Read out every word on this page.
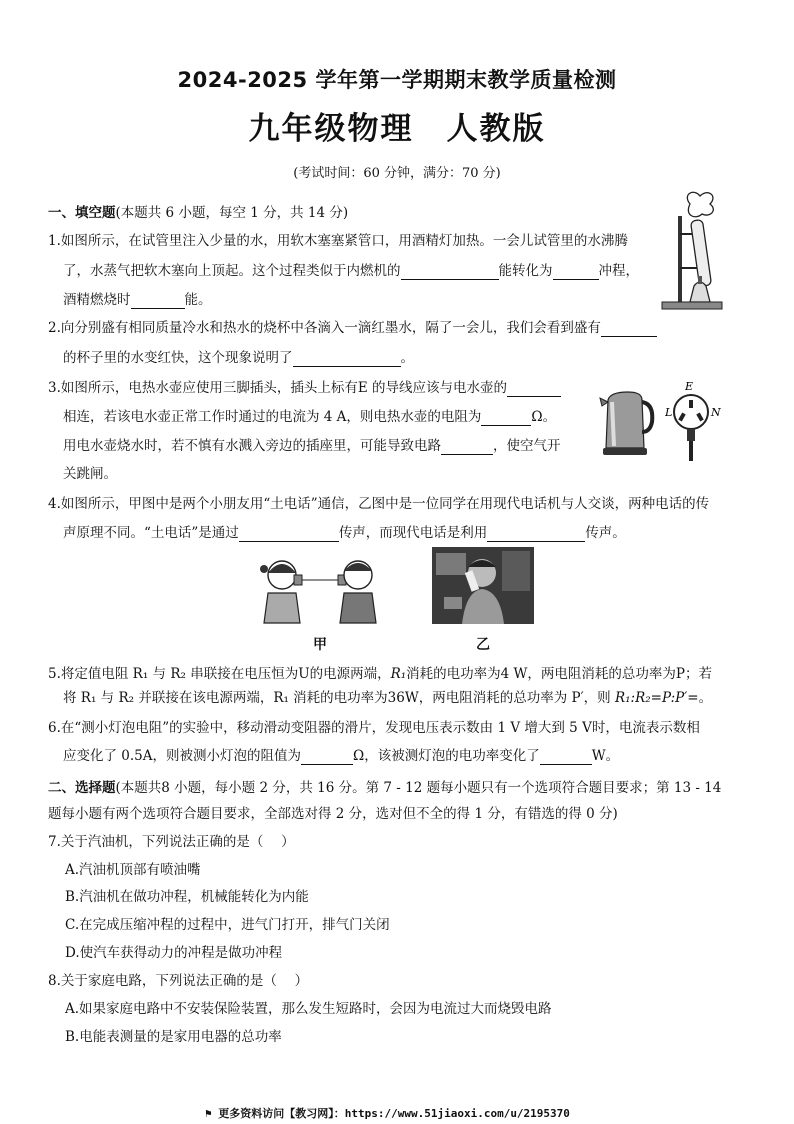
2024-2025 学年第一学期期末教学质量检测
九年级物理　人教版
(考试时间：60 分钟，满分：70 分)
一、填空题(本题共 6 小题，每空 1 分，共 14 分)
1.如图所示，在试管里注入少量的水，用软木塞塞紧管口，用酒精灯加热。一会儿试管里的水沸腾
了，水蒸气把软木塞向上顶起。这个过程类似于内燃机的	能转化为	冲程，
酒精燃烧时	能。
2.向分别盛有相同质量冷水和热水的烧杯中各滴入一滴红墨水，隔了一会儿，我们会看到盛有
的杯子里的水变红快，这个现象说明了	。
3.如图所示，电热水壶应使用三脚插头，插头上标有E 的导线应该与电水壶的
相连，若该电水壶正常工作时通过的电流为 4 A，则电热水壶的电阻为	Ω。
用电水壶烧水时，若不慎有水溅入旁边的插座里，可能导致电路	，使空气开
关跳闸。
E
L	N
4.如图所示，甲图中是两个小朋友用“土电话”通信，乙图中是一位同学在用现代电话机与人交谈，两种电话的传
声原理不同。“土电话”是通过	传声，而现代电话是利用	传声。
甲	乙
5.将定值电阻 R₁ 与 R₂ 串联接在电压恒为U的电源两端，R₁消耗的电功率为4 W，两电阻消耗的总功率为P；若
将 R₁ 与 R₂ 并联接在该电源两端，R₁ 消耗的电功率为36W，两电阻消耗的总功率为 P′，则 R₁:R₂=P:P′=。
6.在“测小灯泡电阻”的实验中，移动滑动变阻器的滑片，发现电压表示数由 1 V 增大到 5 V时，电流表示数相
应变化了 0.5A，则被测小灯泡的阻值为	Ω，该被测灯泡的电功率变化了	W。
二、选择题(本题共8 小题，每小题 2 分，共 16 分。第 7 - 12 题每小题只有一个选项符合题目要求；第 13 - 14
题每小题有两个选项符合题目要求，全部选对得 2 分，选对但不全的得 1 分，有错选的得 0 分)
7.关于汽油机，下列说法正确的是（　 ）
A.汽油机顶部有喷油嘴
B.汽油机在做功冲程，机械能转化为内能
C.在完成压缩冲程的过程中，进气门打开，排气门关闭
D.使汽车获得动力的冲程是做功冲程
8.关于家庭电路，下列说法正确的是（　 ）
A.如果家庭电路中不安装保险装置，那么发生短路时，会因为电流过大而烧毁电路
B.电能表测量的是家用电器的总功率
⚑ 更多资料访问【教习网】：https://www.51jiaoxi.com/u/2195370
